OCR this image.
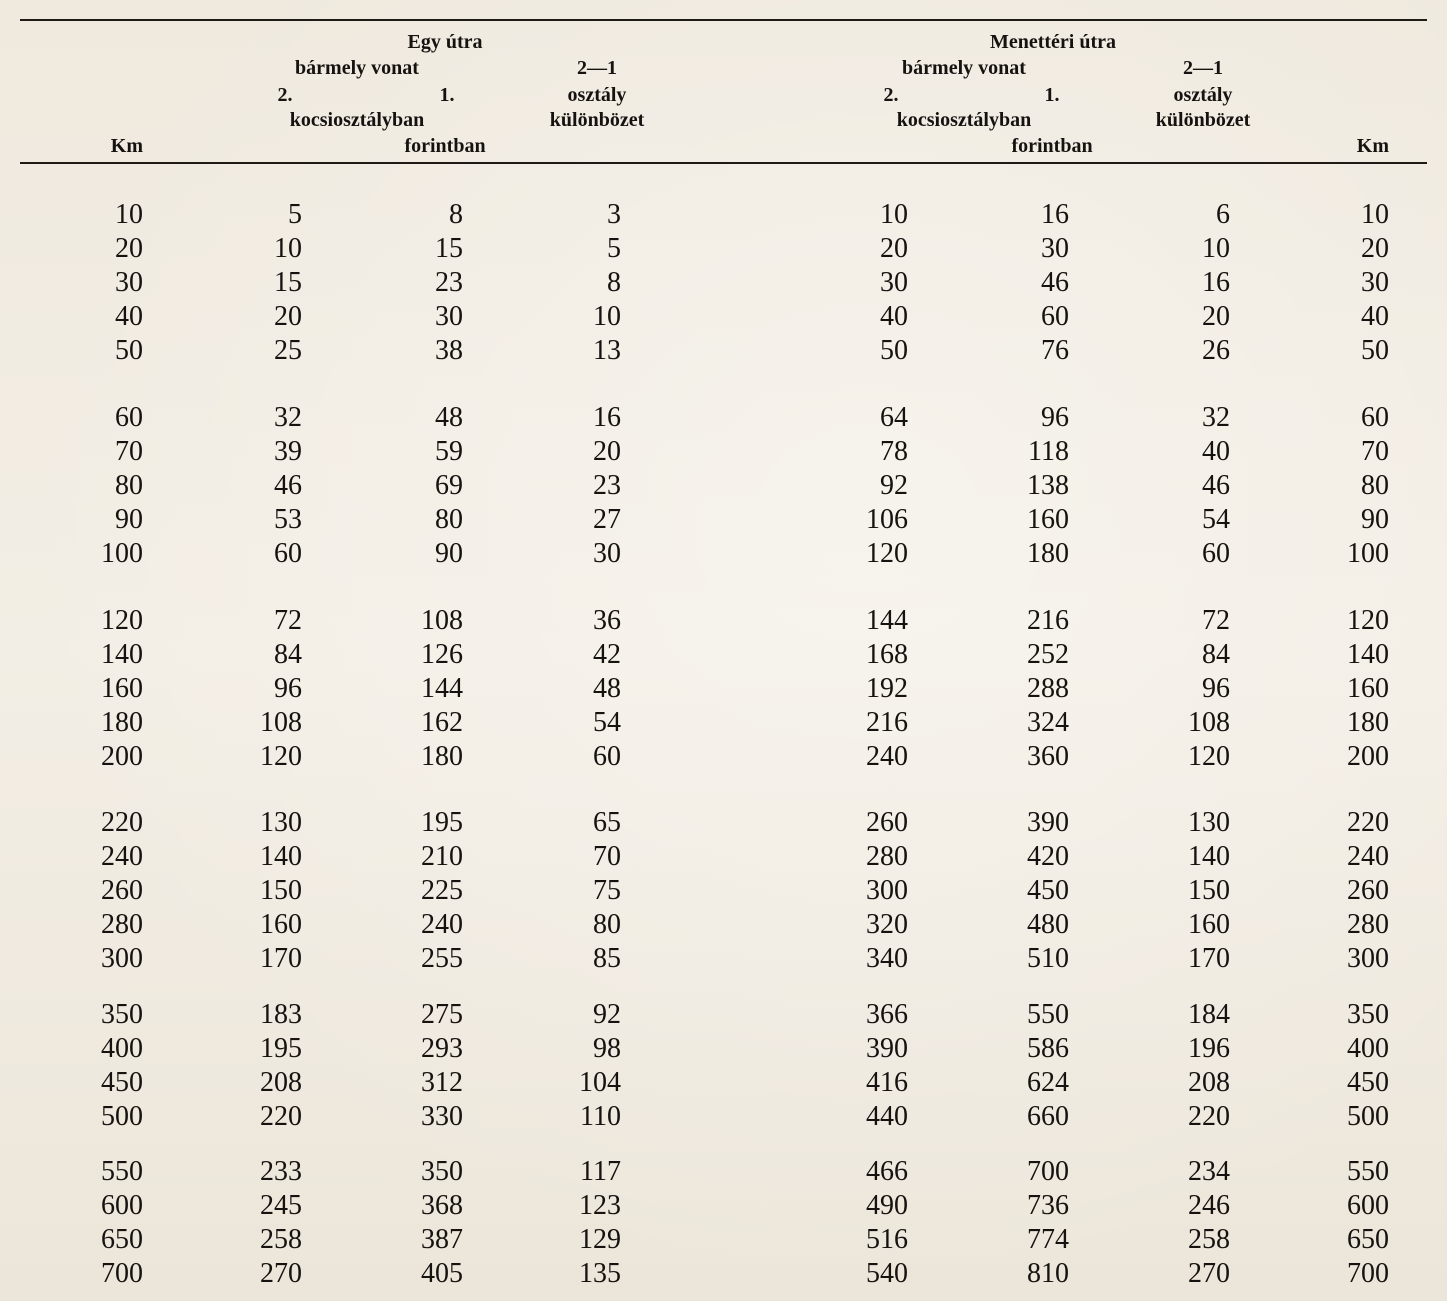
Egy útra
bármely vonat
2.	1.
kocsiosztályban
forintban
2—1
osztály
különbözet
Km
Menettéri útra
bármely vonat
2.	1.
kocsiosztályban
forintban
2—1
osztály
különbözet
Km
10	5	8	3	10	16	6	10
20	10	15	5	20	30	10	20
30	15	23	8	30	46	16	30
40	20	30	10	40	60	20	40
50	25	38	13	50	76	26	50
60	32	48	16	64	96	32	60
70	39	59	20	78	118	40	70
80	46	69	23	92	138	46	80
90	53	80	27	106	160	54	90
100	60	90	30	120	180	60	100
120	72	108	36	144	216	72	120
140	84	126	42	168	252	84	140
160	96	144	48	192	288	96	160
180	108	162	54	216	324	108	180
200	120	180	60	240	360	120	200
220	130	195	65	260	390	130	220
240	140	210	70	280	420	140	240
260	150	225	75	300	450	150	260
280	160	240	80	320	480	160	280
300	170	255	85	340	510	170	300
350	183	275	92	366	550	184	350
400	195	293	98	390	586	196	400
450	208	312	104	416	624	208	450
500	220	330	110	440	660	220	500
550	233	350	117	466	700	234	550
600	245	368	123	490	736	246	600
650	258	387	129	516	774	258	650
700	270	405	135	540	810	270	700
